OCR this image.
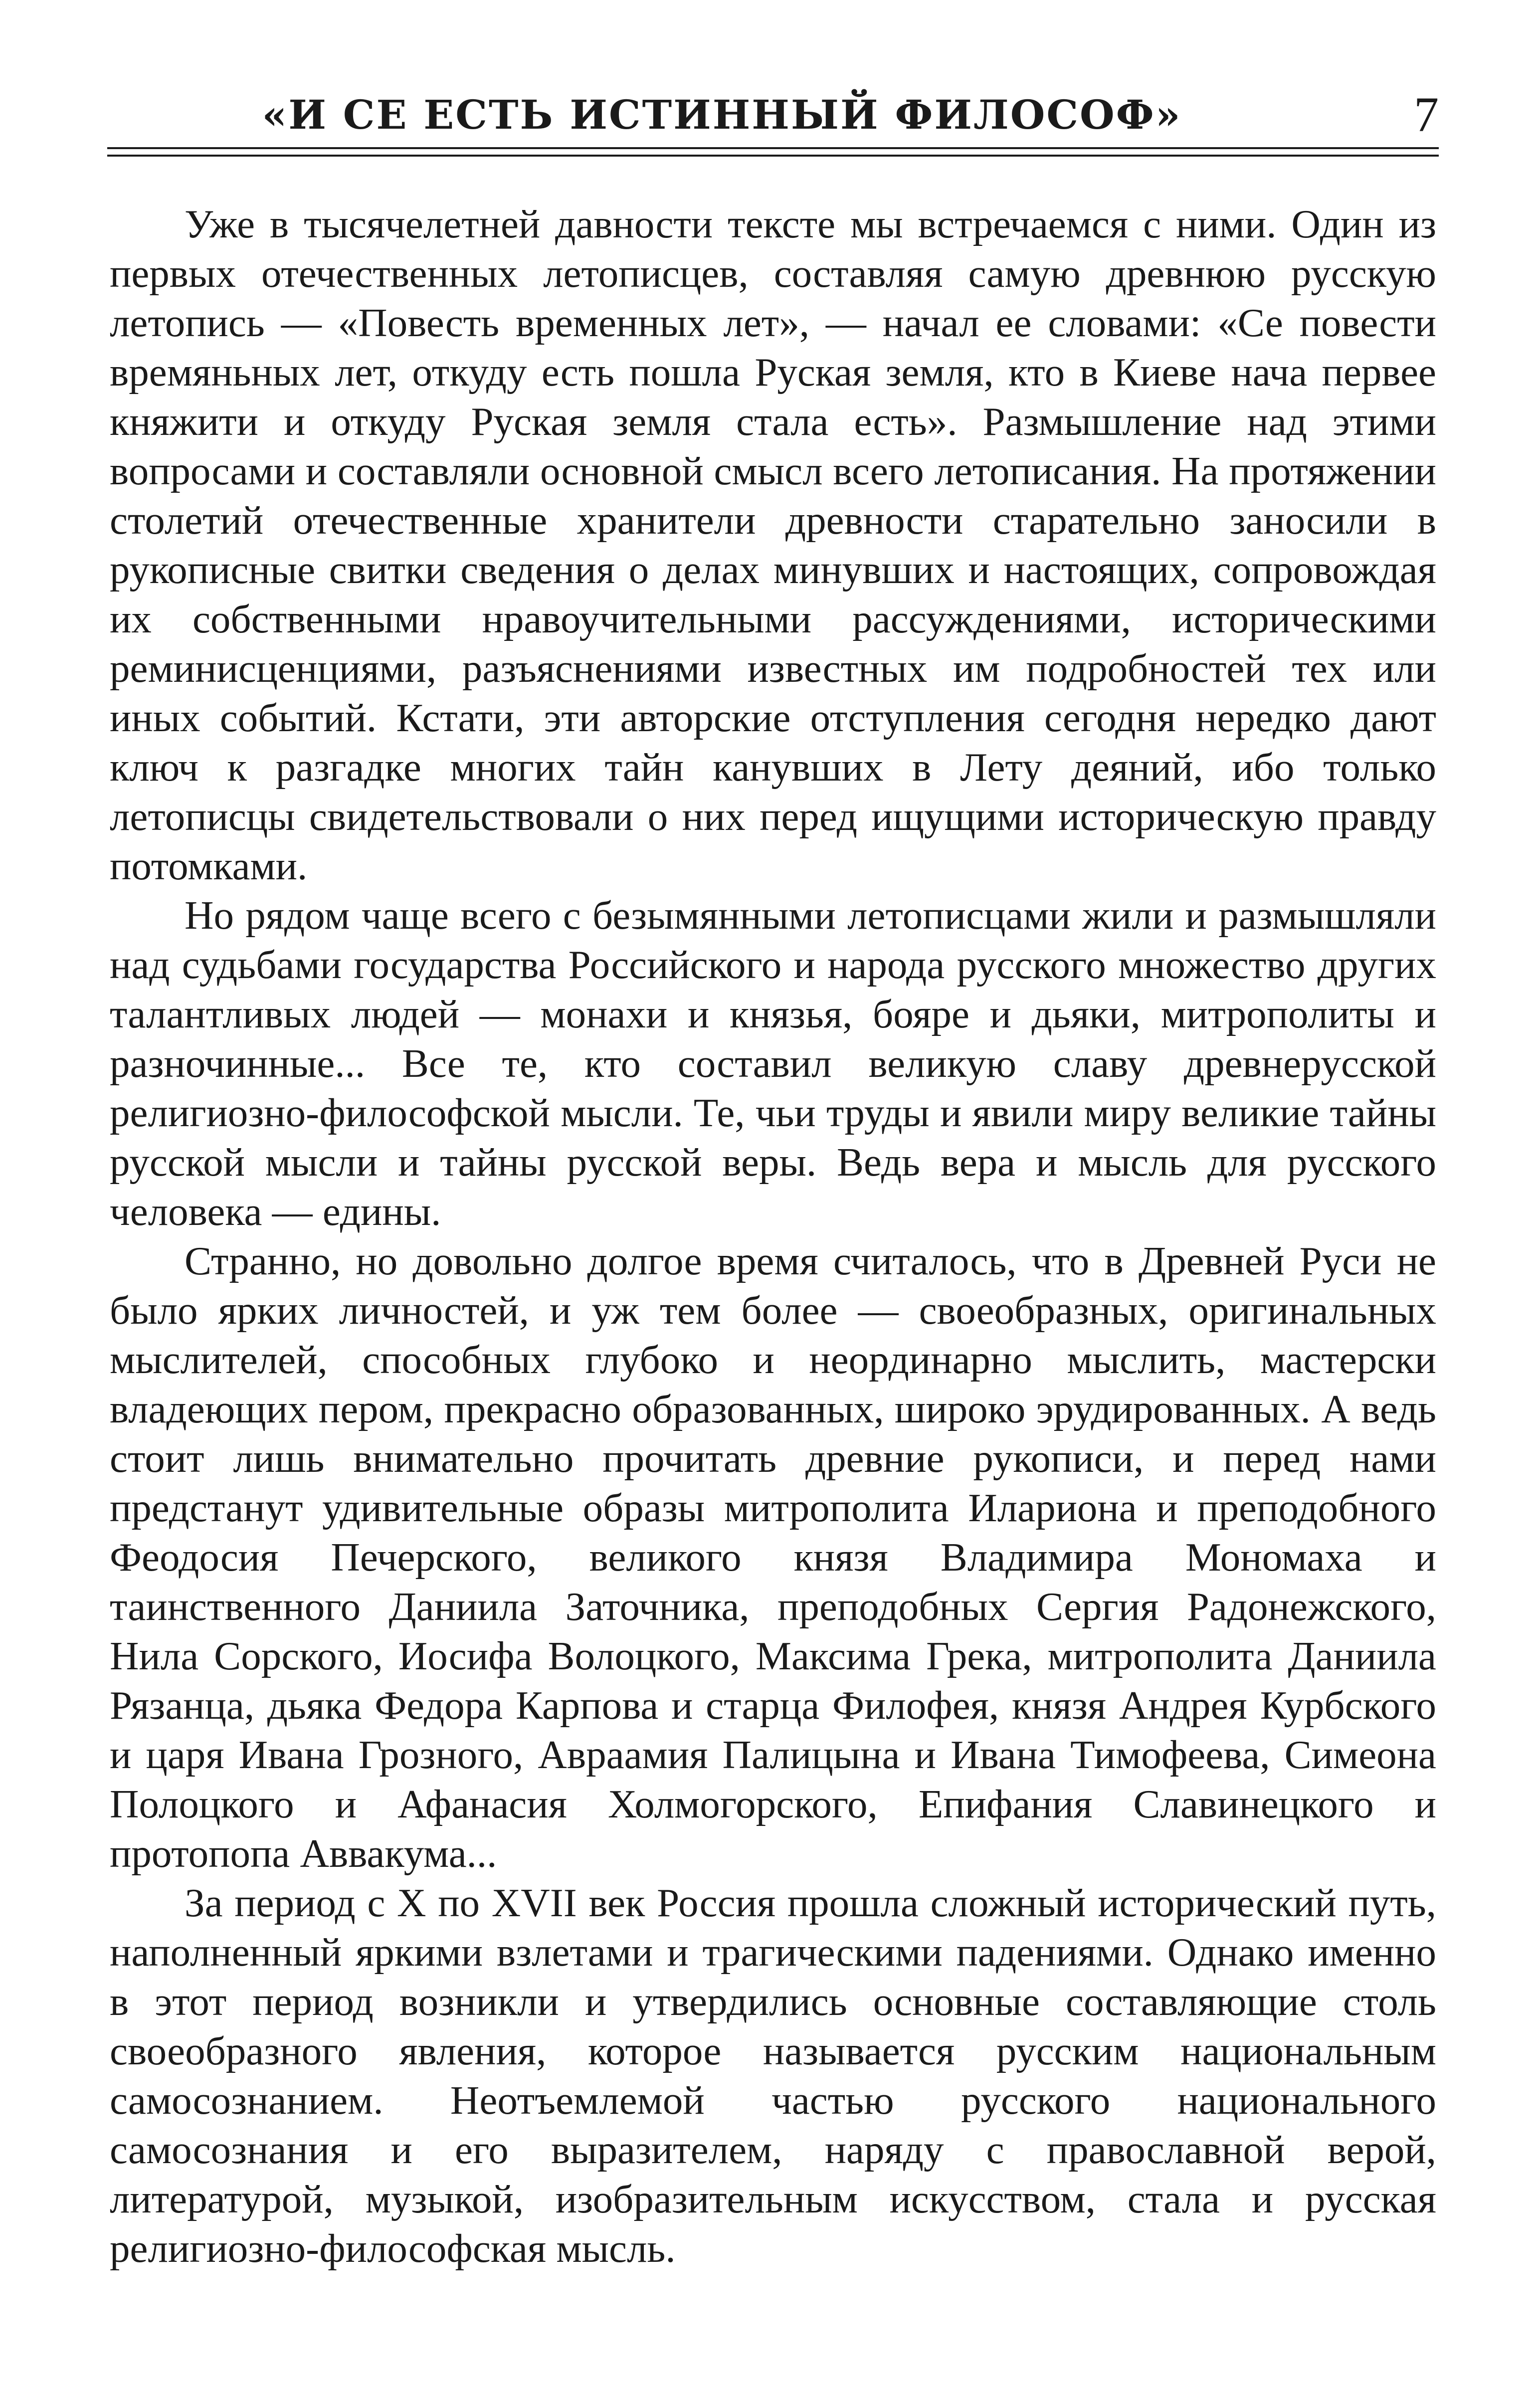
«И СЕ ЕСТЬ ИСТИННЫЙ ФИЛОСОФ»	7

Уже в тысячелетней давности тексте мы встречаемся с ними. Один из первых отечественных летописцев, составляя самую древнюю русскую летопись — «Повесть временных лет», — начал ее словами: «Се повести времяньных лет, откуду есть пошла Руская земля, кто в Киеве нача первее княжити и откуду Руская земля стала есть». Размышление над этими вопросами и составляли основной смысл всего летописания. На протяжении столетий отечественные хранители древности старательно заносили в рукописные свитки сведения о делах минувших и настоящих, сопровождая их собственными нравоучительными рассуждениями, историческими реминисценциями, разъяснениями известных им подробностей тех или иных событий. Кстати, эти авторские отступления сегодня нередко дают ключ к разгадке многих тайн канувших в Лету деяний, ибо только летописцы свидетельствовали о них перед ищущими историческую правду потомками.

Но рядом чаще всего с безымянными летописцами жили и размышляли над судьбами государства Российского и народа русского множество других талантливых людей — монахи и князья, бояре и дьяки, митрополиты и разночинные... Все те, кто составил великую славу древнерусской религиозно-философской мысли. Те, чьи труды и явили миру великие тайны русской мысли и тайны русской веры. Ведь вера и мысль для русского человека — едины.

Странно, но довольно долгое время считалось, что в Древней Руси не было ярких личностей, и уж тем более — своеобразных, оригинальных мыслителей, способных глубоко и неординарно мыслить, мастерски владеющих пером, прекрасно образованных, широко эрудированных. А ведь стоит лишь внимательно прочитать древние рукописи, и перед нами предстанут удивительные образы митрополита Илариона и преподобного Феодосия Печерского, великого князя Владимира Мономаха и таинственного Даниила Заточника, преподобных Сергия Радонежского, Нила Сорского, Иосифа Волоцкого, Максима Грека, митрополита Даниила Рязанца, дьяка Федора Карпова и старца Филофея, князя Андрея Курбского и царя Ивана Грозного, Авраамия Палицына и Ивана Тимофеева, Симеона Полоцкого и Афанасия Холмогорского, Епифания Славинецкого и протопопа Аввакума...

За период с X по XVII век Россия прошла сложный исторический путь, наполненный яркими взлетами и трагическими падениями. Однако именно в этот период возникли и утвердились основные составляющие столь своеобразного явления, которое называется русским национальным самосознанием. Неотъемлемой частью русского национального самосознания и его выразителем, наряду с православной верой, литературой, музыкой, изобразительным искусством, стала и русская религиозно-философская мысль.
